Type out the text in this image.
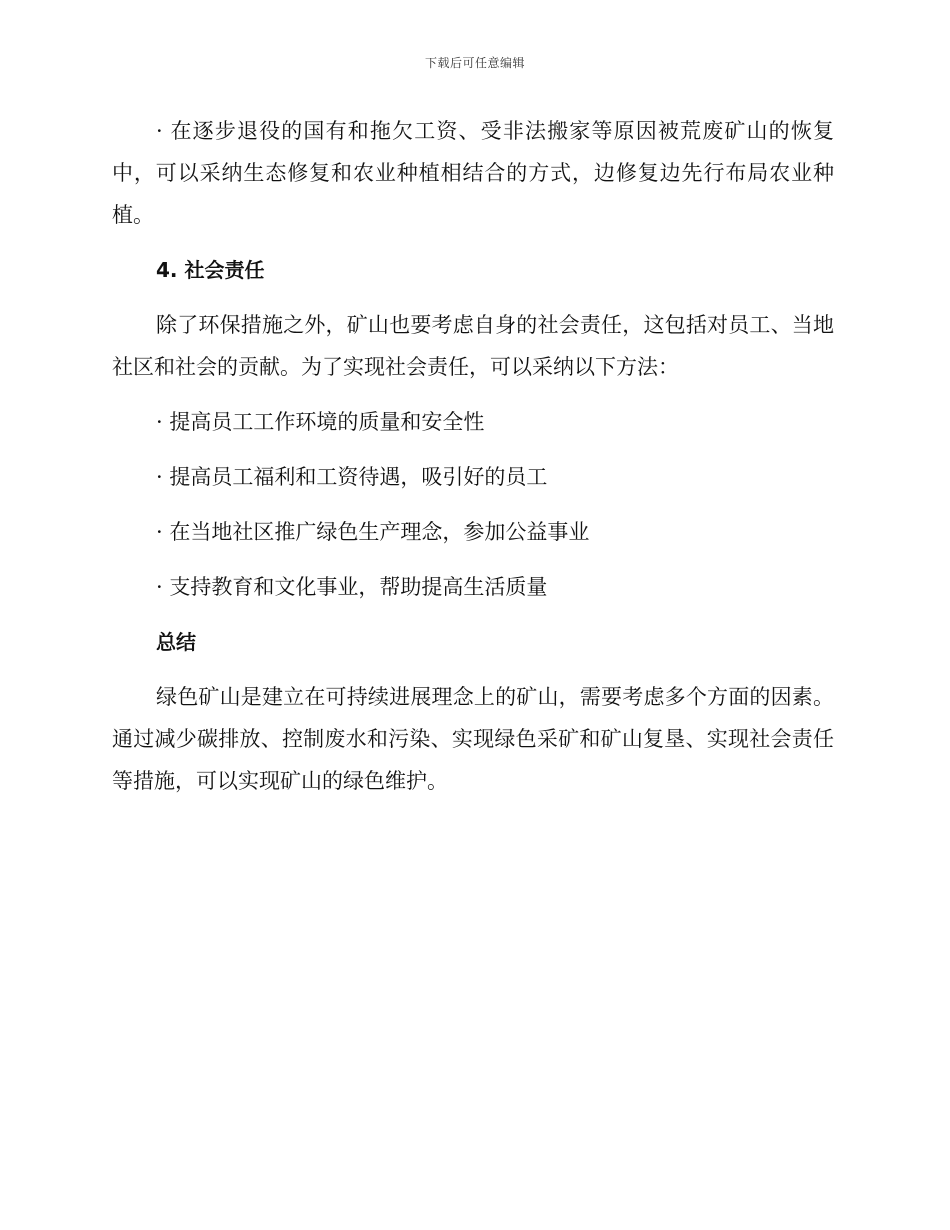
下载后可任意编辑

· 在逐步退役的国有和拖欠工资、受非法搬家等原因被荒废矿山的恢复中，可以采纳生态修复和农业种植相结合的方式，边修复边先行布局农业种植。

4. 社会责任

除了环保措施之外，矿山也要考虑自身的社会责任，这包括对员工、当地社区和社会的贡献。为了实现社会责任，可以采纳以下方法：

· 提高员工工作环境的质量和安全性

· 提高员工福利和工资待遇，吸引好的员工

· 在当地社区推广绿色生产理念，参加公益事业

· 支持教育和文化事业，帮助提高生活质量

总结

绿色矿山是建立在可持续进展理念上的矿山，需要考虑多个方面的因素。通过减少碳排放、控制废水和污染、实现绿色采矿和矿山复垦、实现社会责任等措施，可以实现矿山的绿色维护。
